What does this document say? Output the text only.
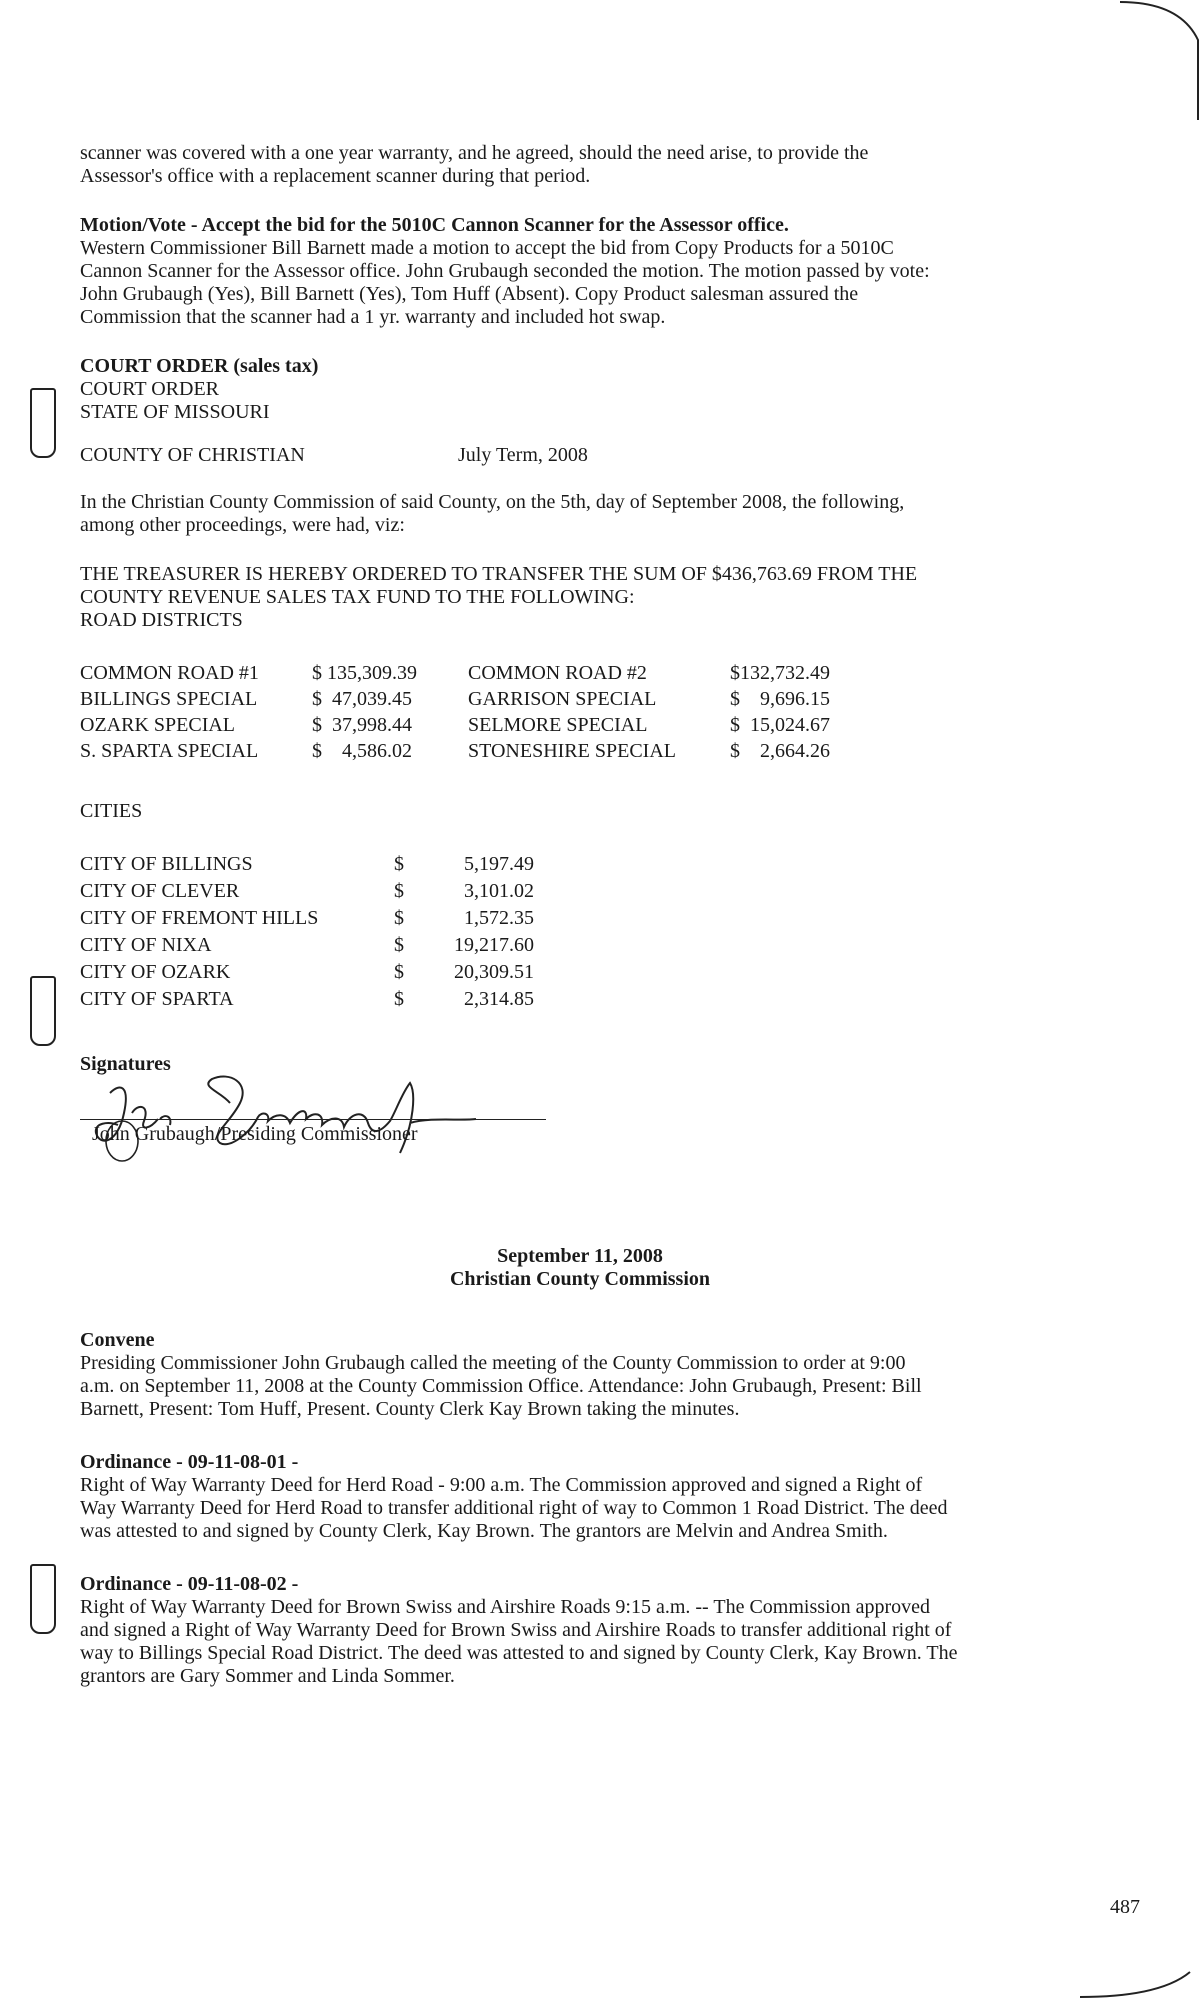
scanner was covered with a one year warranty, and he agreed, should the need arise, to provide the
Assessor's office with a replacement scanner during that period.

Motion/Vote - Accept the bid for the 5010C Cannon Scanner for the Assessor office.
Western Commissioner Bill Barnett made a motion to accept the bid from Copy Products for a 5010C
Cannon Scanner for the Assessor office. John Grubaugh seconded the motion. The motion passed by vote:
John Grubaugh (Yes), Bill Barnett (Yes), Tom Huff (Absent). Copy Product salesman assured the
Commission that the scanner had a 1 yr. warranty and included hot swap.
COURT ORDER (sales tax)
COURT ORDER
STATE OF MISSOURI
COUNTY OF CHRISTIAN	July Term, 2008

In the Christian County Commission of said County, on the 5th, day of September 2008, the following,
among other proceedings, were had, viz:

THE TREASURER IS HEREBY ORDERED TO TRANSFER THE SUM OF $436,763.69 FROM THE
COUNTY REVENUE SALES TAX FUND TO THE FOLLOWING:
ROAD DISTRICTS

COMMON ROAD #1	$ 135,309.39	COMMON ROAD #2	$132,732.49
BILLINGS SPECIAL	$  47,039.45	GARRISON SPECIAL	$    9,696.15
OZARK SPECIAL	$  37,998.44	SELMORE SPECIAL	$  15,024.67
S. SPARTA SPECIAL	$    4,586.02	STONESHIRE SPECIAL	$    2,664.26
CITIES
CITY OF BILLINGS	$	5,197.49
CITY OF CLEVER	$	3,101.02
CITY OF FREMONT HILLS	$	1,572.35
CITY OF NIXA	$	19,217.60
CITY OF OZARK	$	20,309.51
CITY OF SPARTA	$	2,314.85
Signatures
John Grubaugh/Presiding Commissioner
September 11, 2008
Christian County Commission
Convene
Presiding Commissioner John Grubaugh called the meeting of the County Commission to order at 9:00
a.m. on September 11, 2008 at the County Commission Office. Attendance: John Grubaugh, Present: Bill
Barnett, Present: Tom Huff, Present. County Clerk Kay Brown taking the minutes.
Ordinance - 09-11-08-01 -
Right of Way Warranty Deed for Herd Road - 9:00 a.m. The Commission approved and signed a Right of
Way Warranty Deed for Herd Road to transfer additional right of way to Common 1 Road District. The deed
was attested to and signed by County Clerk, Kay Brown. The grantors are Melvin and Andrea Smith.
Ordinance - 09-11-08-02 -
Right of Way Warranty Deed for Brown Swiss and Airshire Roads 9:15 a.m. -- The Commission approved
and signed a Right of Way Warranty Deed for Brown Swiss and Airshire Roads to transfer additional right of
way to Billings Special Road District. The deed was attested to and signed by County Clerk, Kay Brown. The
grantors are Gary Sommer and Linda Sommer.
487
